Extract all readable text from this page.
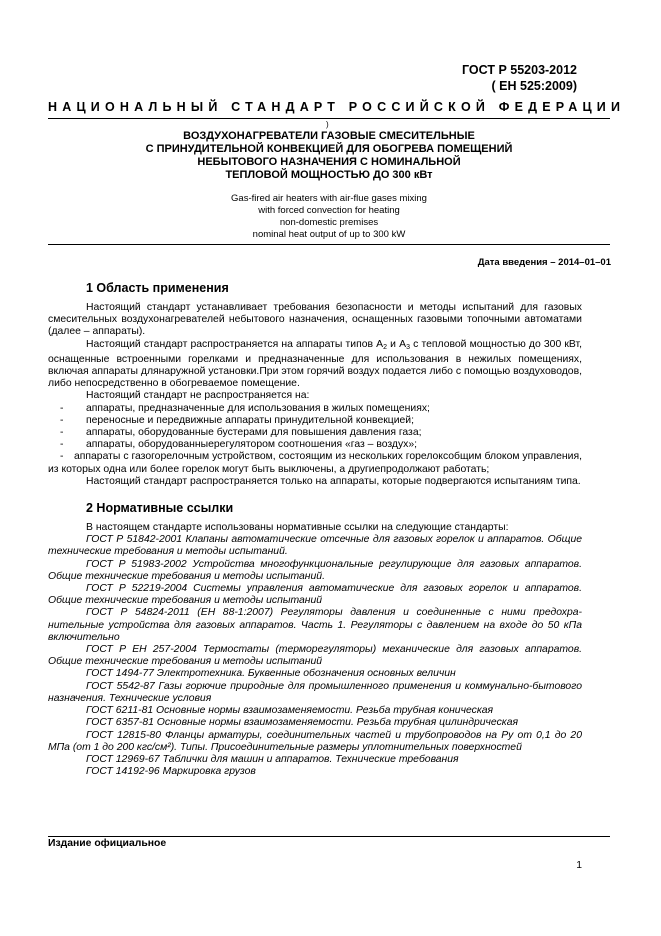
ГОСТ Р 55203-2012
( ЕН 525:2009)
НАЦИОНАЛЬНЫЙ СТАНДАРТ РОССИЙСКОЙ ФЕДЕРАЦИИ
)
ВОЗДУХОНАГРЕВАТЕЛИ ГАЗОВЫЕ СМЕСИТЕЛЬНЫЕ
С ПРИНУДИТЕЛЬНОЙ КОНВЕКЦИЕЙ ДЛЯ ОБОГРЕВА ПОМЕЩЕНИЙ
НЕБЫТОВОГО НАЗНАЧЕНИЯ С НОМИНАЛЬНОЙ
ТЕПЛОВОЙ МОЩНОСТЬЮ ДО 300 кВт
Gas-fired air heaters with air-flue gases mixing
with forced convection for heating
non-domestic premises
nominal heat output of up to 300 kW
Дата введения – 2014–01–01
1 Область применения

Настоящий стандарт устанавливает требования безопасности и методы испытаний для газовых смесительных воздухонагревателей небытового назначения, оснащенных газовыми топочными автоматами (далее – аппараты).

Настоящий стандарт распространяется на аппараты типов $А_2$ и $А_3$ с тепловой мощностью до 300 кВт, оснащенные встроенными горелками и предназначенные для использования в нежилых помещениях, включая аппараты длянаружной установки.При этом горячий воздух подается либо с помощью воздуховодов, либо непосредственно в обогреваемое помещение.

Настоящий стандарт не распространяется на:

- аппараты, предназначенные для использования в жилых помещениях;
- переносные и передвижные аппараты принудительной конвекцией;
- аппараты, оборудованные бустерами для повышения давления газа;
- аппараты, оборудованныерегулятором соотношения «газ – воздух»;
-	аппараты с газогорелочным устройством, состоящим из нескольких горелоксобщим блоком управления, из которых одна или более горелок могут быть выключены, а другиепродолжают работать;

Настоящий стандарт распространяется только на аппараты, которые подвергаются испытаниям типа.

2 Нормативные ссылки

В настоящем стандарте использованы нормативные ссылки на следующие стандарты:

ГОСТ Р 51842-2001 Клапаны автоматические отсечные для газовых горелок и аппаратов. Общие технические требования и методы испытаний.

ГОСТ Р 51983-2002 Устройства многофункциональные регулирующие для газовых аппаратов. Общие технические требования и методы испытаний.

ГОСТ Р 52219-2004 Системы управления автоматические для газовых горелок и аппаратов. Общие технические требования и методы испытаний

ГОСТ Р 54824-2011 (ЕН 88-1:2007) Регуляторы давления и соединенные с ними предохра-нительные устройства для газовых аппаратов. Часть 1. Регуляторы с давлением на входе до 50 кПа включительно

ГОСТ Р ЕН 257-2004 Термостаты (терморегуляторы) механические для газовых аппаратов. Общие технические требования и методы испытаний

ГОСТ 1494-77 Электротехника. Буквенные обозначения основных величин

ГОСТ 5542-87 Газы горючие природные для промышленного применения и коммунально-бытового назначения. Технические условия

ГОСТ 6211-81 Основные нормы взаимозаменяемости. Резьба трубная коническая

ГОСТ 6357-81 Основные нормы взаимозаменяемости. Резьба трубная цилиндрическая

ГОСТ 12815-80 Фланцы арматуры, соединительных частей и трубопроводов на Ру от 0,1 до 20 МПа (от 1 до 200 кгс/см²). Типы. Присоединительные размеры уплотнительных поверхностей

ГОСТ 12969-67 Таблички для машин и аппаратов. Технические требования

ГОСТ 14192-96 Маркировка грузов

Издание официальное
1
